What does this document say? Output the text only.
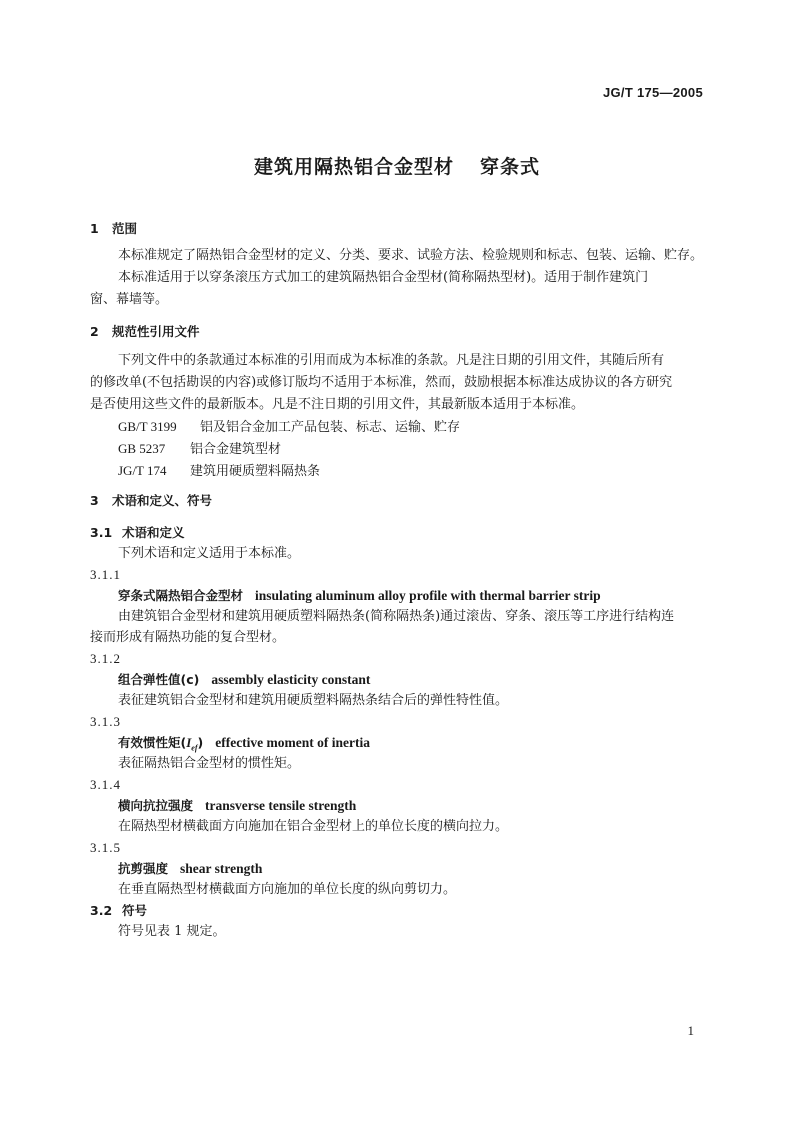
JG/T 175—2005
建筑用隔热铝合金型材 穿条式
1 范围
本标准规定了隔热铝合金型材的定义、分类、要求、试验方法、检验规则和标志、包装、运输、贮存。
本标准适用于以穿条滚压方式加工的建筑隔热铝合金型材(简称隔热型材)。适用于制作建筑门
窗、幕墙等。
2 规范性引用文件
下列文件中的条款通过本标准的引用而成为本标准的条款。凡是注日期的引用文件，其随后所有
的修改单(不包括勘误的内容)或修订版均不适用于本标准，然而，鼓励根据本标准达成协议的各方研究
是否使用这些文件的最新版本。凡是不注日期的引用文件，其最新版本适用于本标准。
GB/T 3199 铝及铝合金加工产品包装、标志、运输、贮存
GB 5237 铝合金建筑型材
JG/T 174 建筑用硬质塑料隔热条
3 术语和定义、符号
3.1 术语和定义
下列术语和定义适用于本标准。
3.1.1
穿条式隔热铝合金型材 insulating aluminum alloy profile with thermal barrier strip
由建筑铝合金型材和建筑用硬质塑料隔热条(简称隔热条)通过滚齿、穿条、滚压等工序进行结构连
接而形成有隔热功能的复合型材。
3.1.2
组合弹性值(c) assembly elasticity constant
表征建筑铝合金型材和建筑用硬质塑料隔热条结合后的弹性特性值。
3.1.3
有效惯性矩$(I_{ef})$ effective moment of inertia
表征隔热铝合金型材的惯性矩。
3.1.4
横向抗拉强度 transverse tensile strength
在隔热型材横截面方向施加在铝合金型材上的单位长度的横向拉力。
3.1.5
抗剪强度 shear strength
在垂直隔热型材横截面方向施加的单位长度的纵向剪切力。
3.2 符号
符号见表 1 规定。
1
